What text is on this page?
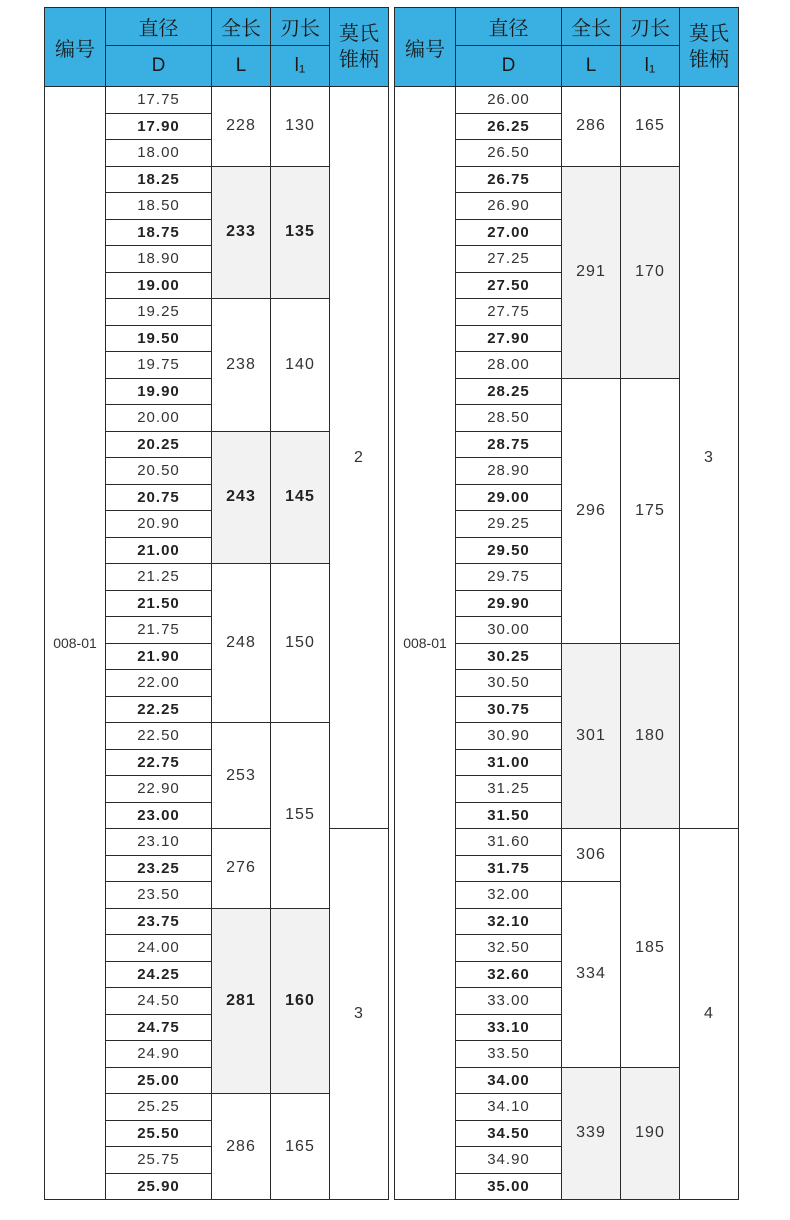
编号	直径	全长	刃长	莫氏锥柄
	D	L	l₁	
008-01	17.75	228	130	2
	17.90			
	18.00			
	18.25	233	135	
	18.50			
	18.75			
	18.90			
	19.00			
	19.25	238	140	
	19.50			
	19.75			
	19.90			
	20.00			
	20.25	243	145	
	20.50			
	20.75			
	20.90			
	21.00			
	21.25	248	150	
	21.50			
	21.75			
	21.90			
	22.00			
	22.25			
	22.50	253	155	
	22.75			
	22.90			
	23.00			
	23.10	276		3
	23.25			
	23.50			
	23.75	281	160	
	24.00			
	24.25			
	24.50			
	24.75			
	24.90			
	25.00			
	25.25	286	165	
	25.50			
	25.75			
	25.90			
编号	直径	全长	刃长	莫氏锥柄
	D	L	l₁	
008-01	26.00	286	165	3
	26.25			
	26.50			
	26.75	291	170	
	26.90			
	27.00			
	27.25			
	27.50			
	27.75			
	27.90			
	28.00			
	28.25	296	175	
	28.50			
	28.75			
	28.90			
	29.00			
	29.25			
	29.50			
	29.75			
	29.90			
	30.00			
	30.25	301	180	
	30.50			
	30.75			
	30.90			
	31.00			
	31.25			
	31.50			
	31.60	306	185	4
	31.75			
	32.00	334		
	32.10			
	32.50			
	32.60			
	33.00			
	33.10			
	33.50			
	34.00	339	190	
	34.10			
	34.50			
	34.90			
	35.00			
